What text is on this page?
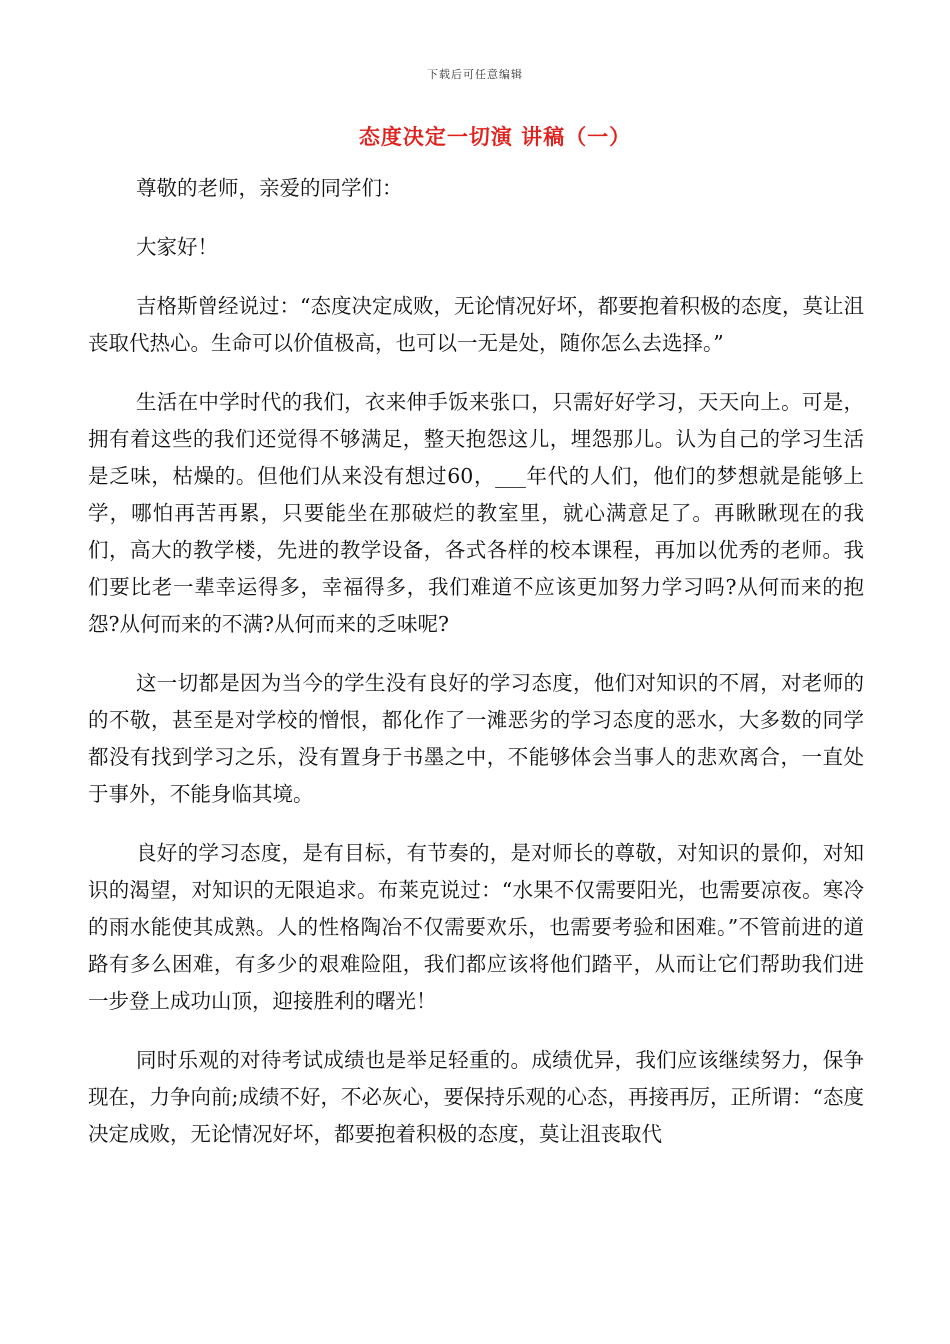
下载后可任意编辑
态度决定一切演 讲稿（一）

尊敬的老师，亲爱的同学们：

大家好！

吉格斯曾经说过：“态度决定成败，无论情况好坏，都要抱着积极的态度，莫让沮丧取代热心。生命可以价值极高，也可以一无是处，随你怎么去选择。”

生活在中学时代的我们，衣来伸手饭来张口，只需好好学习，天天向上。可是，拥有着这些的我们还觉得不够满足，整天抱怨这儿，埋怨那儿。认为自己的学习生活是乏味，枯燥的。但他们从来没有想过60，___年代的人们，他们的梦想就是能够上学，哪怕再苦再累，只要能坐在那破烂的教室里，就心满意足了。再瞅瞅现在的我们，高大的教学楼，先进的教学设备，各式各样的校本课程，再加以优秀的老师。我们要比老一辈幸运得多，幸福得多，我们难道不应该更加努力学习吗?从何而来的抱怨?从何而来的不满?从何而来的乏味呢?

这一切都是因为当今的学生没有良好的学习态度，他们对知识的不屑，对老师的的不敬，甚至是对学校的憎恨，都化作了一滩恶劣的学习态度的恶水，大多数的同学都没有找到学习之乐，没有置身于书墨之中，不能够体会当事人的悲欢离合，一直处于事外，不能身临其境。

良好的学习态度，是有目标，有节奏的，是对师长的尊敬，对知识的景仰，对知识的渴望，对知识的无限追求。布莱克说过：“水果不仅需要阳光，也需要凉夜。寒冷的雨水能使其成熟。人的性格陶冶不仅需要欢乐，也需要考验和困难。”不管前进的道路有多么困难，有多少的艰难险阻，我们都应该将他们踏平，从而让它们帮助我们进一步登上成功山顶，迎接胜利的曙光！

同时乐观的对待考试成绩也是举足轻重的。成绩优异，我们应该继续努力，保争现在，力争向前;成绩不好，不必灰心，要保持乐观的心态，再接再厉，正所谓：“态度决定成败，无论情况好坏，都要抱着积极的态度，莫让沮丧取代
